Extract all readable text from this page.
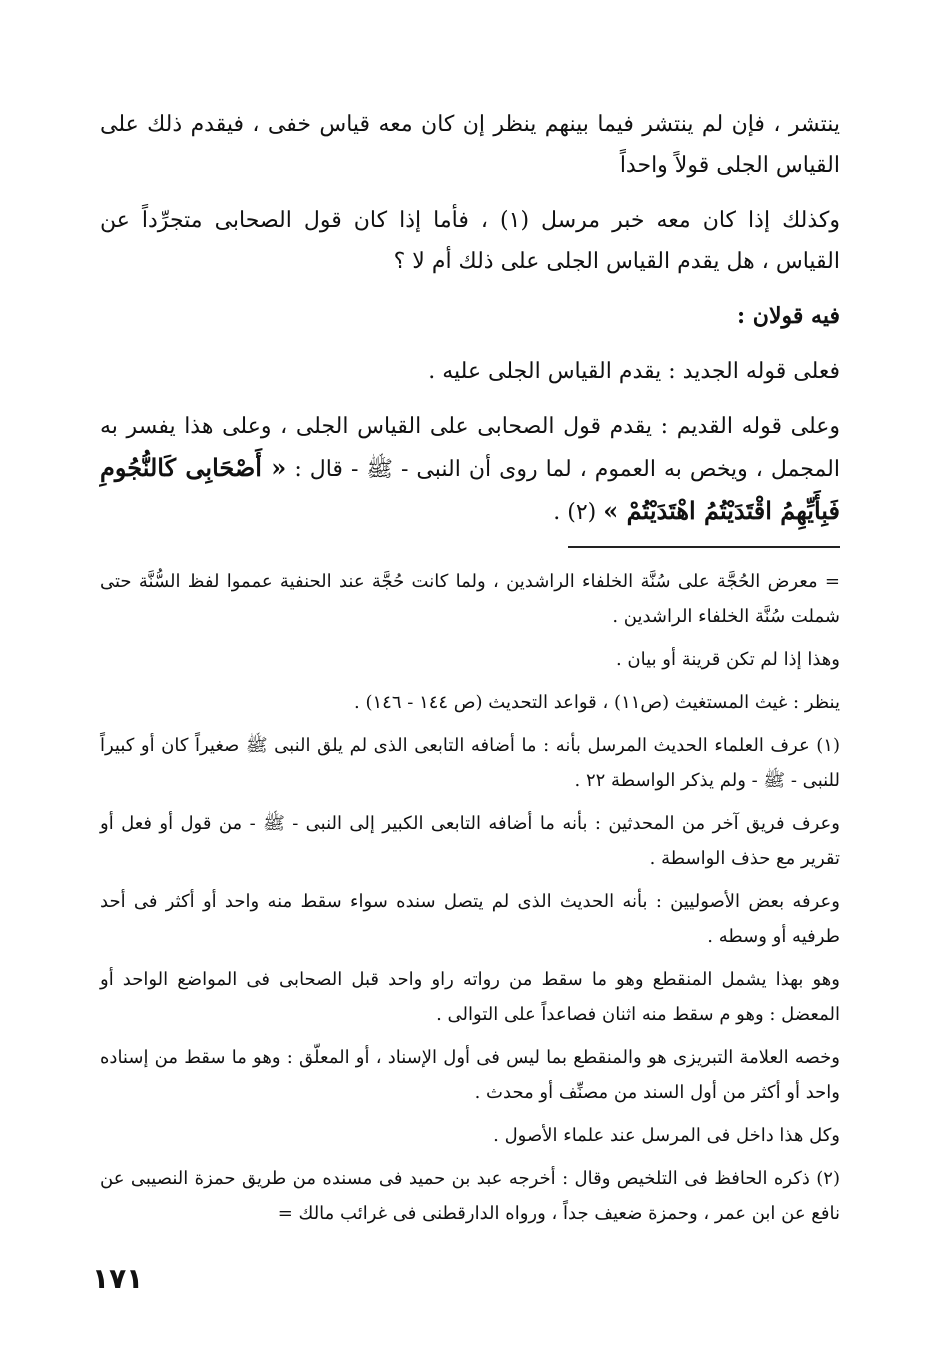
ينتشر ، فإن لم ينتشر فيما بينهم ينظر إن كان معه قياس خفى ، فيقدم ذلك على القياس الجلى قولاً واحداً

وكذلك إذا كان معه خبر مرسل (١) ، فأما إذا كان قول الصحابى متجرِّداً عن القياس ، هل يقدم القياس الجلى على ذلك أم لا ؟

فيه قولان :

فعلى قوله الجديد : يقدم القياس الجلى عليه .

وعلى قوله القديم : يقدم قول الصحابى على القياس الجلى ، وعلى هذا يفسر به المجمل ، ويخص به العموم ، لما روى أن النبى - ﷺ - قال : « أَصْحَابِى كَالنُّجُومِ فَبِأَيِّهِمُ اقْتَدَيْتُمُ اهْتَدَيْتُمْ » (٢) .

= معرض الحُجَّة على سُنَّة الخلفاء الراشدين ، ولما كانت حُجَّة عند الحنفية عمموا لفظ السُّنَّة حتى شملت سُنَّة الخلفاء الراشدين .

وهذا إذا لم تكن قرينة أو بيان .

ينظر : غيث المستغيث (ص١١) ، قواعد التحديث (ص ١٤٤ - ١٤٦) .

(١) عرف العلماء الحديث المرسل بأنه : ما أضافه التابعى الذى لم يلق النبى ﷺ صغيراً كان أو كبيراً للنبى - ﷺ - ولم يذكر الواسطة ٢٢ .

وعرف فريق آخر من المحدثين : بأنه ما أضافه التابعى الكبير إلى النبى - ﷺ - من قول أو فعل أو تقرير مع حذف الواسطة .

وعرفه بعض الأصوليين : بأنه الحديث الذى لم يتصل سنده سواء سقط منه واحد أو أكثر فى أحد طرفيه أو وسطه .

وهو بهذا يشمل المنقطع وهو ما سقط من رواته راو واحد قبل الصحابى فى المواضع الواحد أو المعضل : وهو م سقط منه اثنان فصاعداً على التوالى .

وخصه العلامة التبريزى هو والمنقطع بما ليس فى أول الإسناد ، أو المعلّق : وهو ما سقط من إسناده واحد أو أكثر من أول السند من مصنِّف أو محدث .

وكل هذا داخل فى المرسل عند علماء الأصول .

(٢) ذكره الحافظ فى التلخيص وقال : أخرجه عبد بن حميد فى مسنده من طريق حمزة النصيبى عن نافع عن ابن عمر ، وحمزة ضعيف جداً ، ورواه الدارقطنى فى غرائب مالك =

١٧١
